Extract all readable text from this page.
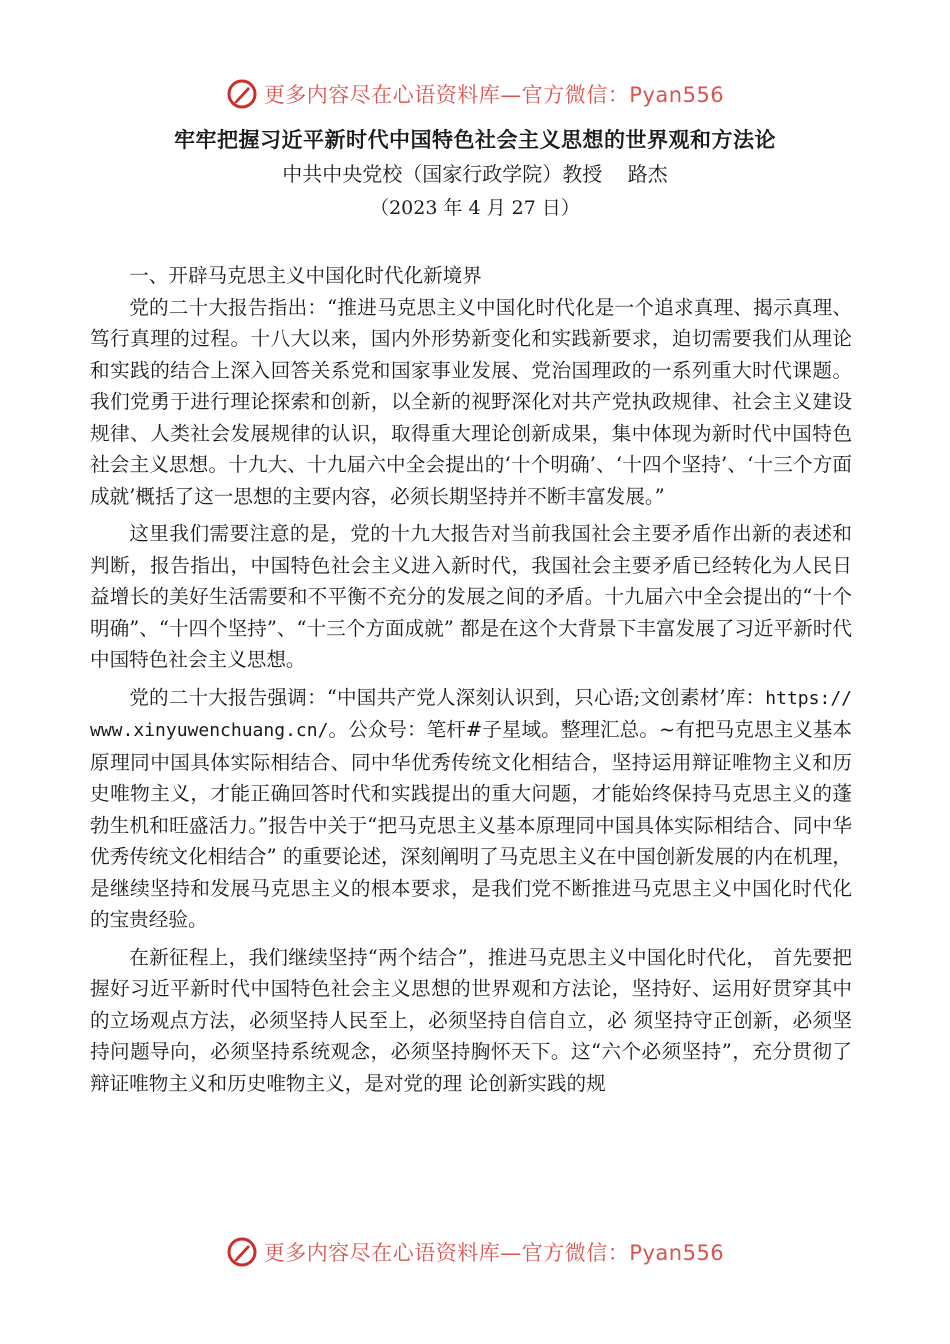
更多内容尽在心语资料库—官方微信：Pyan556
牢牢把握习近平新时代中国特色社会主义思想的世界观和方法论
中共中央党校（国家行政学院）教授    路杰
（2023 年 4 月 27 日）

一、开辟马克思主义中国化时代化新境界

党的二十大报告指出：“推进马克思主义中国化时代化是一个追求真理、揭示真理、笃行真理的过程。十八大以来，国内外形势新变化和实践新要求，迫切需要我们从理论和实践的结合上深入回答关系党和国家事业发展、党治国理政的一系列重大时代课题。我们党勇于进行理论探索和创新，以全新的视野深化对共产党执政规律、社会主义建设规律、人类社会发展规律的认识，取得重大理论创新成果，集中体现为新时代中国特色社会主义思想。十九大、十九届六中全会提出的‘十个明确’、‘十四个坚持’、‘十三个方面成就’概括了这一思想的主要内容，必须长期坚持并不断丰富发展。”

这里我们需要注意的是，党的十九大报告对当前我国社会主要矛盾作出新的表述和判断，报告指出，中国特色社会主义进入新时代，我国社会主要矛盾已经转化为人民日益增长的美好生活需要和不平衡不充分的发展之间的矛盾。十九届六中全会提出的“十个明确”、“十四个坚持”、“十三个方面成就” 都是在这个大背景下丰富发展了习近平新时代中国特色社会主义思想。

党的二十大报告强调：“中国共产党人深刻认识到，只心语;文创素材’库：https://www.xinyuwenchuang.cn/。公众号：笔杆#子星域。整理汇总。~有把马克思主义基本原理同中国具体实际相结合、同中华优秀传统文化相结合，坚持运用辩证唯物主义和历史唯物主义，才能正确回答时代和实践提出的重大问题，才能始终保持马克思主义的蓬勃生机和旺盛活力。”报告中关于“把马克思主义基本原理同中国具体实际相结合、同中华优秀传统文化相结合” 的重要论述，深刻阐明了马克思主义在中国创新发展的内在机理，是继续坚持和发展马克思主义的根本要求，是我们党不断推进马克思主义中国化时代化的宝贵经验。

在新征程上，我们继续坚持“两个结合”，推进马克思主义中国化时代化， 首先要把握好习近平新时代中国特色社会主义思想的世界观和方法论，坚持好、运用好贯穿其中的立场观点方法，必须坚持人民至上，必须坚持自信自立，必 须坚持守正创新，必须坚持问题导向，必须坚持系统观念，必须坚持胸怀天下。这“六个必须坚持”，充分贯彻了辩证唯物主义和历史唯物主义，是对党的理 论创新实践的规

更多内容尽在心语资料库—官方微信：Pyan556
